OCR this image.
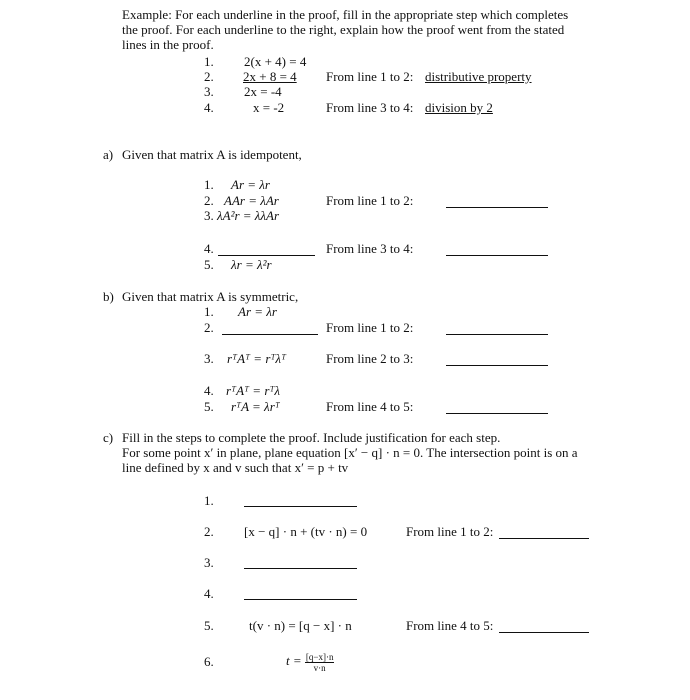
Example: For each underline in the proof, fill in the appropriate step which completes
the proof. For each underline to the right, explain how the proof went from the stated
lines in the proof.
1. 2(x + 4) = 4
2. 2x + 8 = 4 From line 1 to 2: distributive property
3. 2x = -4
4.	x = -2	From line 3 to 4: division by 2
a) Given that matrix A is idempotent,
1. Ar = λr
2. AAr = λAr	From line 1 to 2:
3. λA²r = λλAr
4.	From line 3 to 4:
5. λr = λ²r
b) Given that matrix A is symmetric,
1. Ar = λr
2.	From line 1 to 2:
3. rᵀAᵀ = rᵀλᵀ	From line 2 to 3:
4. rᵀAᵀ = rᵀλ
5. rᵀA = λrᵀ	From line 4 to 5:
c) Fill in the steps to complete the proof. Include justification for each step.
For some point x′ in plane, plane equation [x′ − q] · n = 0. The intersection point is on a
line defined by x and v such that x′ = p + tv
1.
2. [x − q] · n + (tv · n) = 0	From line 1 to 2:
3.
4.
5.	t(v · n) = [q − x] · n	From line 4 to 5:
6.	$t = \frac{[q-x]\cdot n}{v\cdot n}$
